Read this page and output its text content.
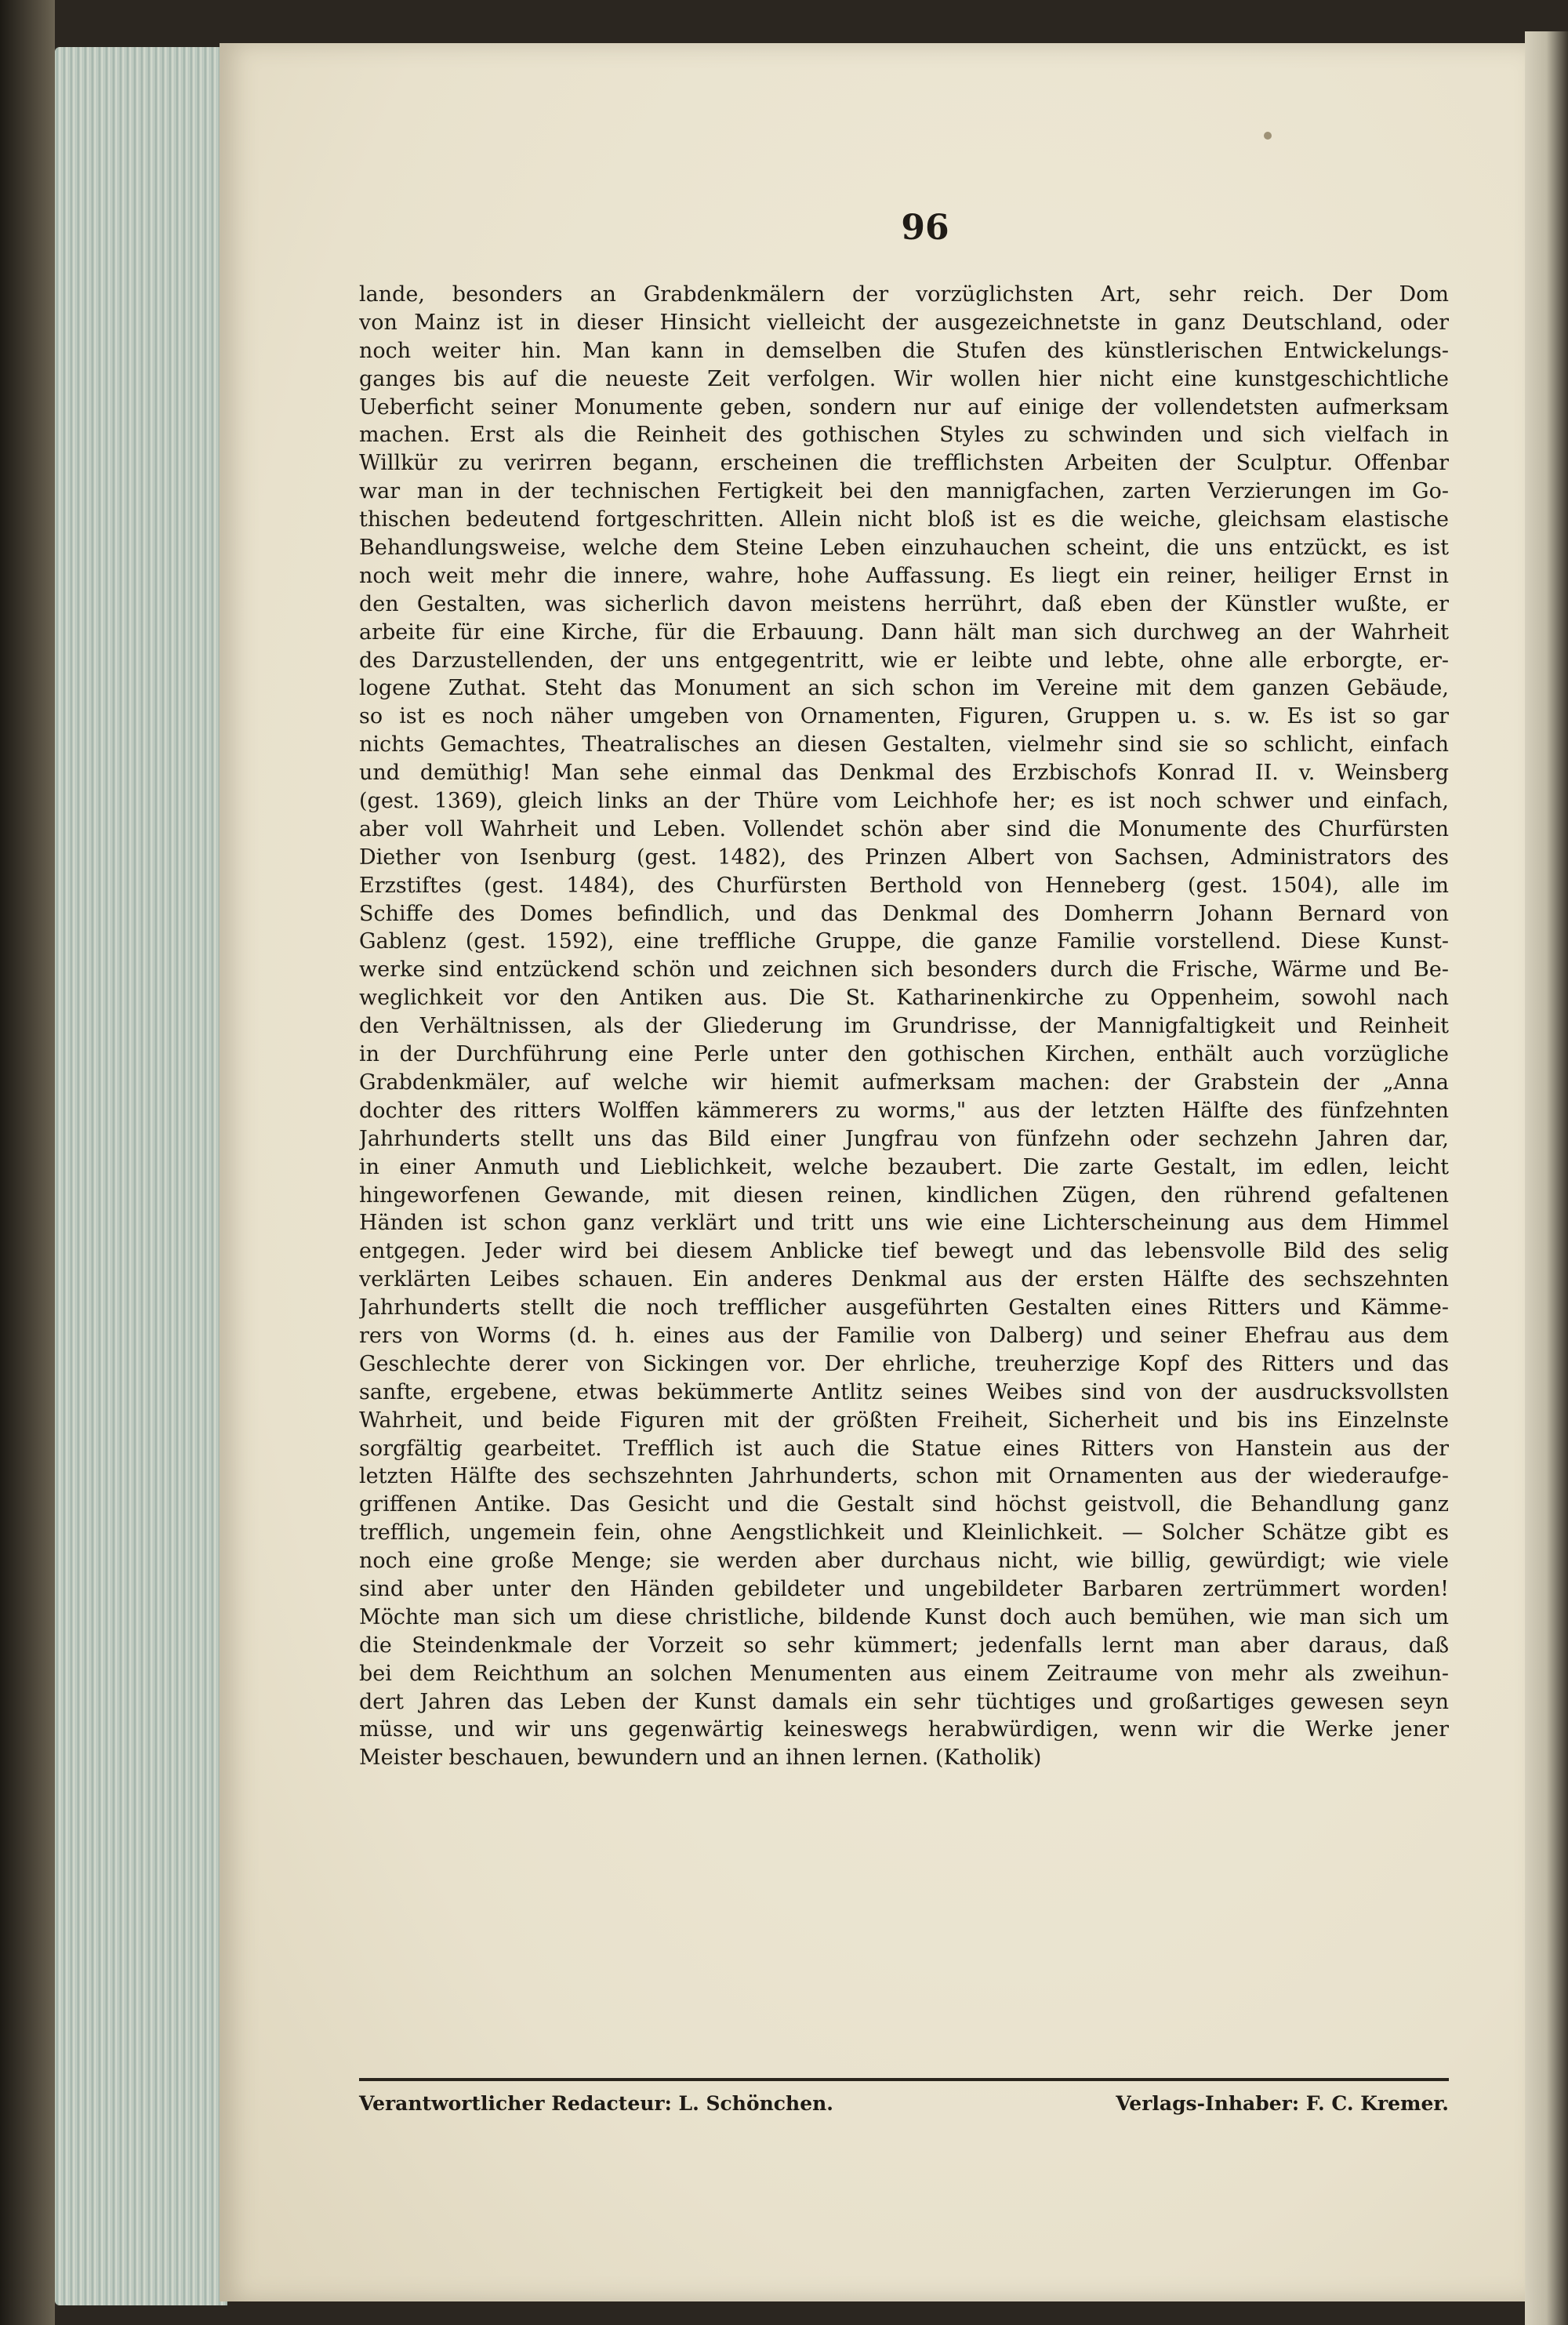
96
lande, besonders an Grabdenkmälern der vorzüglichsten Art, sehr reich. Der Dom
von Mainz ist in dieser Hinsicht vielleicht der ausgezeichnetste in ganz Deutschland, oder
noch weiter hin. Man kann in demselben die Stufen des künstlerischen Entwickelungs-
ganges bis auf die neueste Zeit verfolgen. Wir wollen hier nicht eine kunstgeschichtliche
Ueberficht seiner Monumente geben, sondern nur auf einige der vollendetsten aufmerksam
machen. Erst als die Reinheit des gothischen Styles zu schwinden und sich vielfach in
Willkür zu verirren begann, erscheinen die trefflichsten Arbeiten der Sculptur. Offenbar
war man in der technischen Fertigkeit bei den mannigfachen, zarten Verzierungen im Go-
thischen bedeutend fortgeschritten. Allein nicht bloß ist es die weiche, gleichsam elastische
Behandlungsweise, welche dem Steine Leben einzuhauchen scheint, die uns entzückt, es ist
noch weit mehr die innere, wahre, hohe Auffassung. Es liegt ein reiner, heiliger Ernst in
den Gestalten, was sicherlich davon meistens herrührt, daß eben der Künstler wußte, er
arbeite für eine Kirche, für die Erbauung. Dann hält man sich durchweg an der Wahrheit
des Darzustellenden, der uns entgegentritt, wie er leibte und lebte, ohne alle erborgte, er-
logene Zuthat. Steht das Monument an sich schon im Vereine mit dem ganzen Gebäude,
so ist es noch näher umgeben von Ornamenten, Figuren, Gruppen u. s. w. Es ist so gar
nichts Gemachtes, Theatralisches an diesen Gestalten, vielmehr sind sie so schlicht, einfach
und demüthig! Man sehe einmal das Denkmal des Erzbischofs Konrad II. v. Weinsberg
(gest. 1369), gleich links an der Thüre vom Leichhofe her; es ist noch schwer und einfach,
aber voll Wahrheit und Leben. Vollendet schön aber sind die Monumente des Churfürsten
Diether von Isenburg (gest. 1482), des Prinzen Albert von Sachsen, Administrators des
Erzstiftes (gest. 1484), des Churfürsten Berthold von Henneberg (gest. 1504), alle im
Schiffe des Domes befindlich, und das Denkmal des Domherrn Johann Bernard von
Gablenz (gest. 1592), eine treffliche Gruppe, die ganze Familie vorstellend. Diese Kunst-
werke sind entzückend schön und zeichnen sich besonders durch die Frische, Wärme und Be-
weglichkeit vor den Antiken aus. Die St. Katharinenkirche zu Oppenheim, sowohl nach
den Verhältnissen, als der Gliederung im Grundrisse, der Mannigfaltigkeit und Reinheit
in der Durchführung eine Perle unter den gothischen Kirchen, enthält auch vorzügliche
Grabdenkmäler, auf welche wir hiemit aufmerksam machen: der Grabstein der „Anna
dochter des ritters Wolffen kämmerers zu worms," aus der letzten Hälfte des fünfzehnten
Jahrhunderts stellt uns das Bild einer Jungfrau von fünfzehn oder sechzehn Jahren dar,
in einer Anmuth und Lieblichkeit, welche bezaubert. Die zarte Gestalt, im edlen, leicht
hingeworfenen Gewande, mit diesen reinen, kindlichen Zügen, den rührend gefaltenen
Händen ist schon ganz verklärt und tritt uns wie eine Lichterscheinung aus dem Himmel
entgegen. Jeder wird bei diesem Anblicke tief bewegt und das lebensvolle Bild des selig
verklärten Leibes schauen. Ein anderes Denkmal aus der ersten Hälfte des sechszehnten
Jahrhunderts stellt die noch trefflicher ausgeführten Gestalten eines Ritters und Kämme-
rers von Worms (d. h. eines aus der Familie von Dalberg) und seiner Ehefrau aus dem
Geschlechte derer von Sickingen vor. Der ehrliche, treuherzige Kopf des Ritters und das
sanfte, ergebene, etwas bekümmerte Antlitz seines Weibes sind von der ausdrucksvollsten
Wahrheit, und beide Figuren mit der größten Freiheit, Sicherheit und bis ins Einzelnste
sorgfältig gearbeitet. Trefflich ist auch die Statue eines Ritters von Hanstein aus der
letzten Hälfte des sechszehnten Jahrhunderts, schon mit Ornamenten aus der wiederaufge-
griffenen Antike. Das Gesicht und die Gestalt sind höchst geistvoll, die Behandlung ganz
trefflich, ungemein fein, ohne Aengstlichkeit und Kleinlichkeit. — Solcher Schätze gibt es
noch eine große Menge; sie werden aber durchaus nicht, wie billig, gewürdigt; wie viele
sind aber unter den Händen gebildeter und ungebildeter Barbaren zertrümmert worden!
Möchte man sich um diese christliche, bildende Kunst doch auch bemühen, wie man sich um
die Steindenkmale der Vorzeit so sehr kümmert; jedenfalls lernt man aber daraus, daß
bei dem Reichthum an solchen Menumenten aus einem Zeitraume von mehr als zweihun-
dert Jahren das Leben der Kunst damals ein sehr tüchtiges und großartiges gewesen seyn
müsse, und wir uns gegenwärtig keineswegs herabwürdigen, wenn wir die Werke jener
Meister beschauen, bewundern und an ihnen lernen. (Katholik)
Verantwortlicher Redacteur: L. Schönchen.	Verlags-Inhaber: F. C. Kremer.
